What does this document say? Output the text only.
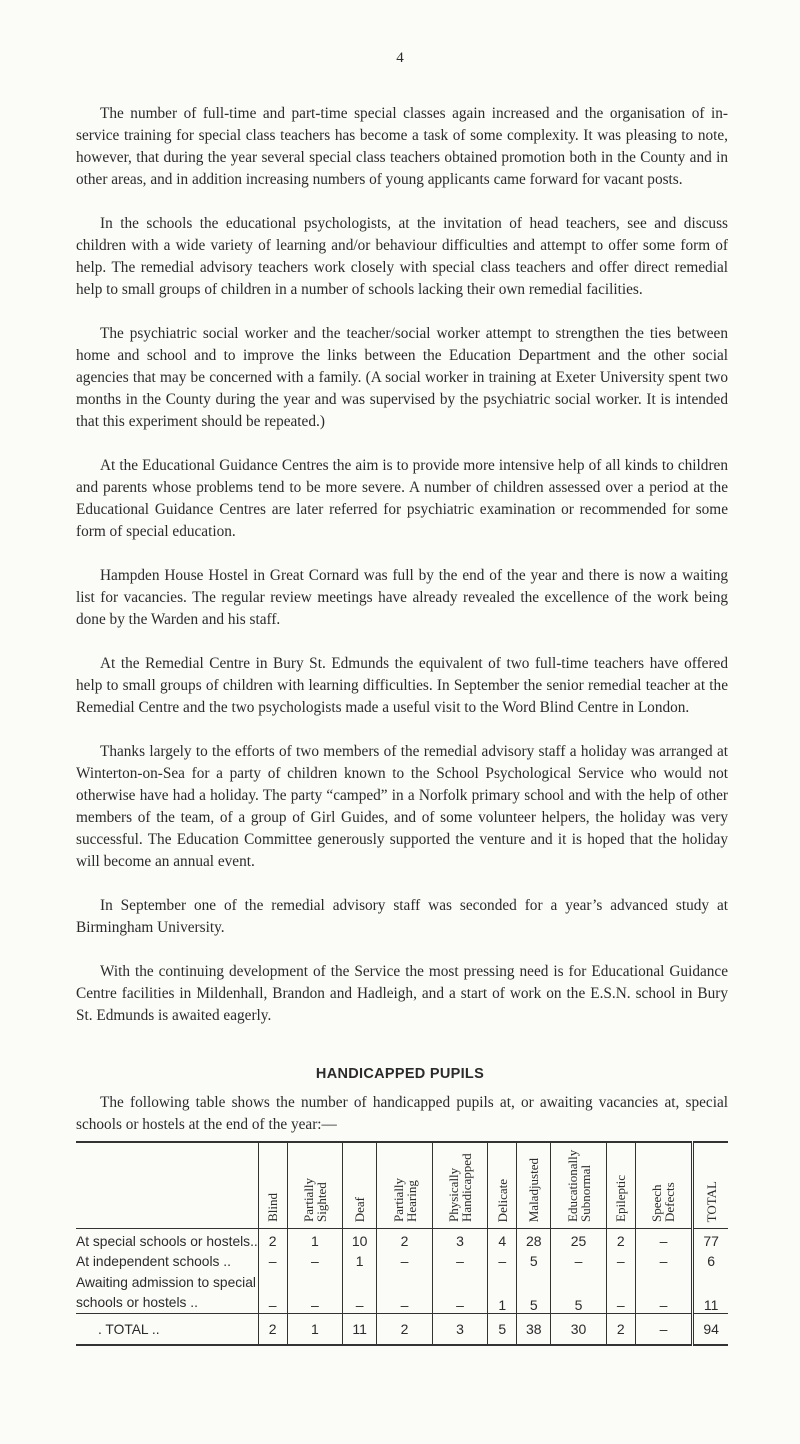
4

The number of full-time and part-time special classes again increased and the organisation of in-service training for special class teachers has become a task of some complexity. It was pleasing to note, however, that during the year several special class teachers obtained promotion both in the County and in other areas, and in addition increasing numbers of young applicants came forward for vacant posts.

In the schools the educational psychologists, at the invitation of head teachers, see and discuss children with a wide variety of learning and/or behaviour difficulties and attempt to offer some form of help. The remedial advisory teachers work closely with special class teachers and offer direct remedial help to small groups of children in a number of schools lacking their own remedial facilities.

The psychiatric social worker and the teacher/social worker attempt to strengthen the ties between home and school and to improve the links between the Education Department and the other social agencies that may be concerned with a family. (A social worker in training at Exeter University spent two months in the County during the year and was supervised by the psychiatric social worker. It is intended that this experiment should be repeated.)

At the Educational Guidance Centres the aim is to provide more intensive help of all kinds to children and parents whose problems tend to be more severe. A number of children assessed over a period at the Educational Guidance Centres are later referred for psychiatric examination or recommended for some form of special education.

Hampden House Hostel in Great Cornard was full by the end of the year and there is now a waiting list for vacancies. The regular review meetings have already revealed the excellence of the work being done by the Warden and his staff.

At the Remedial Centre in Bury St. Edmunds the equivalent of two full-time teachers have offered help to small groups of children with learning difficulties. In September the senior remedial teacher at the Remedial Centre and the two psychologists made a useful visit to the Word Blind Centre in London.

Thanks largely to the efforts of two members of the remedial advisory staff a holiday was arranged at Winterton-on-Sea for a party of children known to the School Psychological Service who would not otherwise have had a holiday. The party “camped” in a Norfolk primary school and with the help of other members of the team, of a group of Girl Guides, and of some volunteer helpers, the holiday was very successful. The Education Committee generously supported the venture and it is hoped that the holiday will become an annual event.

In September one of the remedial advisory staff was seconded for a year’s advanced study at Birmingham University.

With the continuing development of the Service the most pressing need is for Educational Guidance Centre facilities in Mildenhall, Brandon and Hadleigh, and a start of work on the E.S.N. school in Bury St. Edmunds is awaited eagerly.

HANDICAPPED PUPILS

The following table shows the number of handicapped pupils at, or awaiting vacancies at, special schools or hostels at the end of the year:—

	Blind	Partially Sighted	Deaf	Partially Hearing	Physically Handicapped	Delicate	Maladjusted	Educationally Subnormal	Epileptic	Speech Defects	TOTAL

At special schools or hostels..	2	1	10	2	3	4	28	25	2	–	77
At independent schools ..	–	–	1	–	–	–	5	–	–	–	6
Awaiting admission to special
schools or hostels ..	–	–	–	–	–	1	5	5	–	–	11
. TOTAL ..	2	1	11	2	3	5	38	30	2	–	94
